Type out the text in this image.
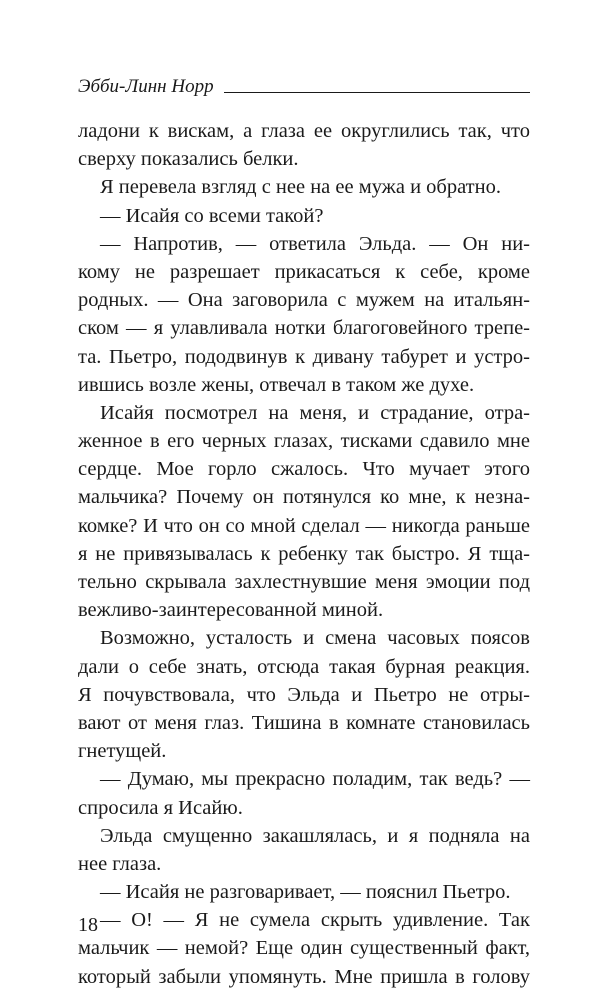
Эбби-Линн Норр
ладони к вискам, а глаза ее округлились так, что
сверху показались белки.
Я перевела взгляд с нее на ее мужа и обратно.
— Исайя со всеми такой?
— Напротив, — ответила Эльда. — Он ни-
кому не разрешает прикасаться к себе, кроме
родных. — Она заговорила с мужем на итальян-
ском — я улавливала нотки благоговейного трепе-
та. Пьетро, пододвинув к дивану табурет и устро-
ившись возле жены, отвечал в таком же духе.
Исайя посмотрел на меня, и страдание, отра-
женное в его черных глазах, тисками сдавило мне
сердце. Мое горло сжалось. Что мучает этого
мальчика? Почему он потянулся ко мне, к незна-
комке? И что он со мной сделал — никогда раньше
я не привязывалась к ребенку так быстро. Я тща-
тельно скрывала захлестнувшие меня эмоции под
вежливо-заинтересованной миной.
Возможно, усталость и смена часовых поясов
дали о себе знать, отсюда такая бурная реакция.
Я почувствовала, что Эльда и Пьетро не отры-
вают от меня глаз. Тишина в комнате становилась
гнетущей.
— Думаю, мы прекрасно поладим, так ведь? —
спросила я Исайю.
Эльда смущенно закашлялась, и я подняла на
нее глаза.
— Исайя не разговаривает, — пояснил Пьетро.
— О! — Я не сумела скрыть удивление. Так
мальчик — немой? Еще один существенный факт,
который забыли упомянуть. Мне пришла в голову
18
